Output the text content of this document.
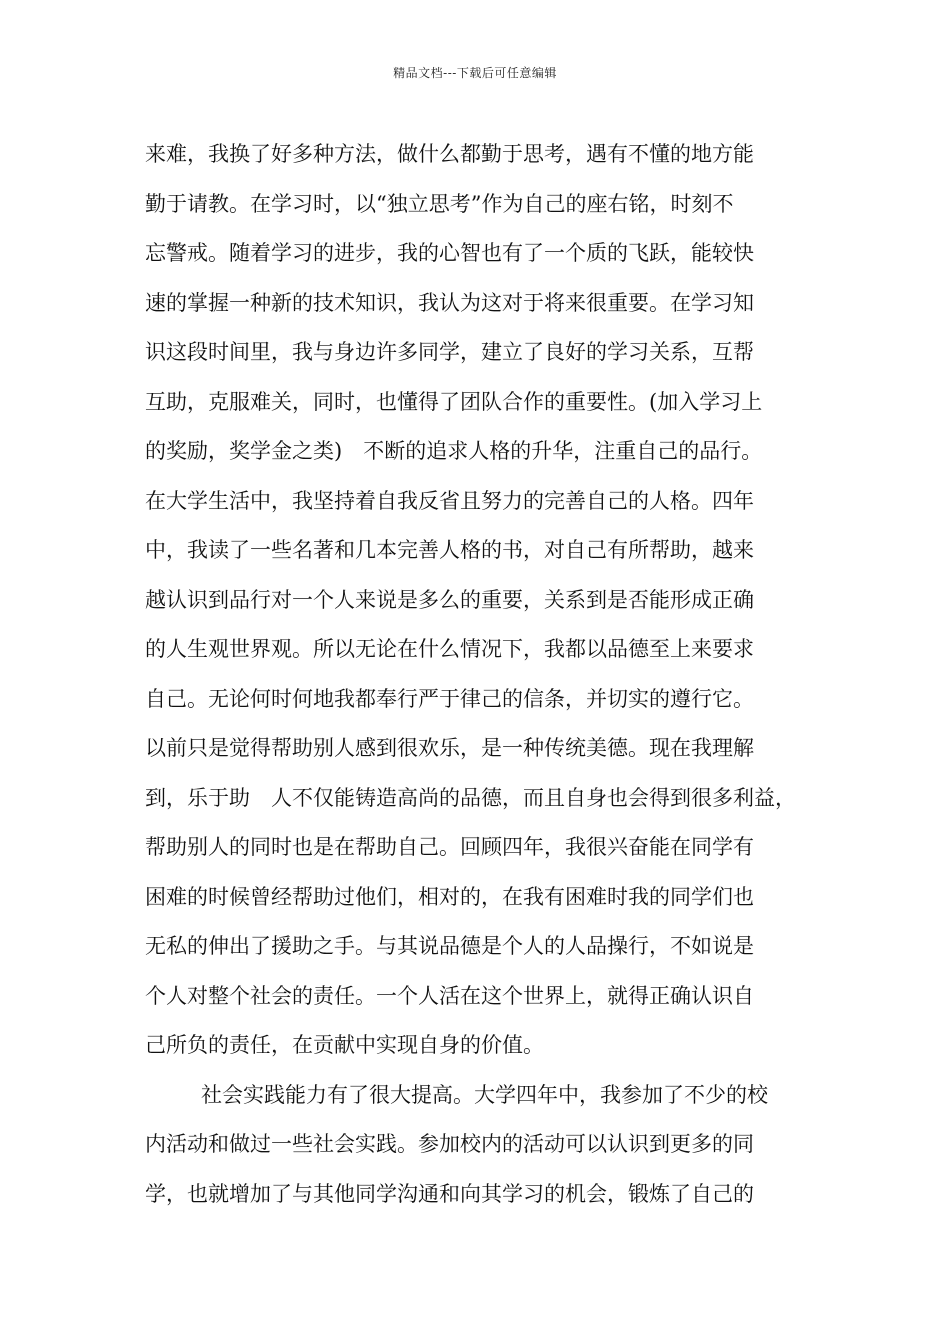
精品文档---下载后可任意编辑
来难，我换了好多种方法，做什么都勤于思考，遇有不懂的地方能
勤于请教。在学习时，以“独立思考”作为自己的座右铭，时刻不
忘警戒。随着学习的进步，我的心智也有了一个质的飞跃，能较快
速的掌握一种新的技术知识，我认为这对于将来很重要。在学习知
识这段时间里，我与身边许多同学，建立了良好的学习关系，互帮
互助，克服难关，同时，也懂得了团队合作的重要性。(加入学习上
的奖励，奖学金之类)　不断的追求人格的升华，注重自己的品行。
在大学生活中，我坚持着自我反省且努力的完善自己的人格。四年
中，我读了一些名著和几本完善人格的书，对自己有所帮助，越来
越认识到品行对一个人来说是多么的重要，关系到是否能形成正确
的人生观世界观。所以无论在什么情况下，我都以品德至上来要求
自己。无论何时何地我都奉行严于律己的信条，并切实的遵行它。
以前只是觉得帮助别人感到很欢乐，是一种传统美德。现在我理解
到，乐于助　人不仅能铸造高尚的品德，而且自身也会得到很多利益，
帮助别人的同时也是在帮助自己。回顾四年，我很兴奋能在同学有
困难的时候曾经帮助过他们，相对的，在我有困难时我的同学们也
无私的伸出了援助之手。与其说品德是个人的人品操行，不如说是
个人对整个社会的责任。一个人活在这个世界上，就得正确认识自
己所负的责任，在贡献中实现自身的价值。
社会实践能力有了很大提高。大学四年中，我参加了不少的校
内活动和做过一些社会实践。参加校内的活动可以认识到更多的同
学，也就增加了与其他同学沟通和向其学习的机会，锻炼了自己的
